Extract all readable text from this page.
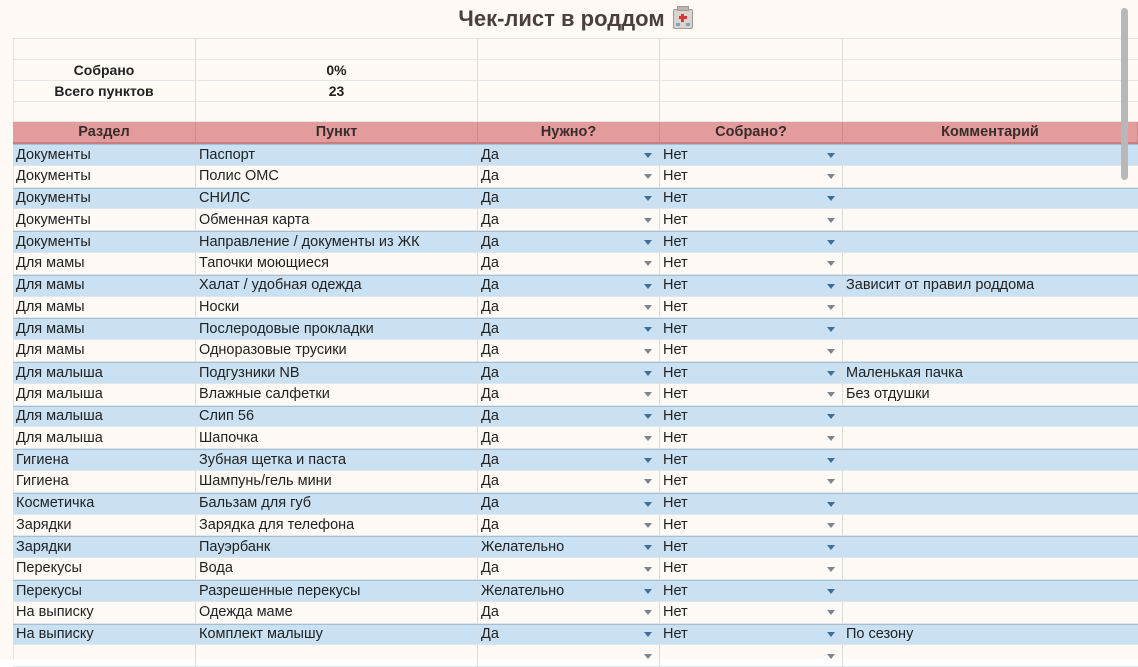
Чек-лист в роддом
Собрано	0%
Всего пунктов	23
Раздел	Пункт	Нужно?	Собрано?	Комментарий
Документы	Паспорт	Да	Нет
Документы	Полис ОМС	Да	Нет
Документы	СНИЛС	Да	Нет
Документы	Обменная карта	Да	Нет
Документы	Направление / документы из ЖК	Да	Нет
Для мамы	Тапочки моющиеся	Да	Нет
Для мамы	Халат / удобная одежда	Да	Нет	Зависит от правил роддома
Для мамы	Носки	Да	Нет
Для мамы	Послеродовые прокладки	Да	Нет
Для мамы	Одноразовые трусики	Да	Нет
Для малыша	Подгузники NB	Да	Нет	Маленькая пачка
Для малыша	Влажные салфетки	Да	Нет	Без отдушки
Для малыша	Слип 56	Да	Нет
Для малыша	Шапочка	Да	Нет
Гигиена	Зубная щетка и паста	Да	Нет
Гигиена	Шампунь/гель мини	Да	Нет
Косметичка	Бальзам для губ	Да	Нет
Зарядки	Зарядка для телефона	Да	Нет
Зарядки	Пауэрбанк	Желательно	Нет
Перекусы	Вода	Да	Нет
Перекусы	Разрешенные перекусы	Желательно	Нет
На выписку	Одежда маме	Да	Нет
На выписку	Комплект малышу	Да	Нет	По сезону
